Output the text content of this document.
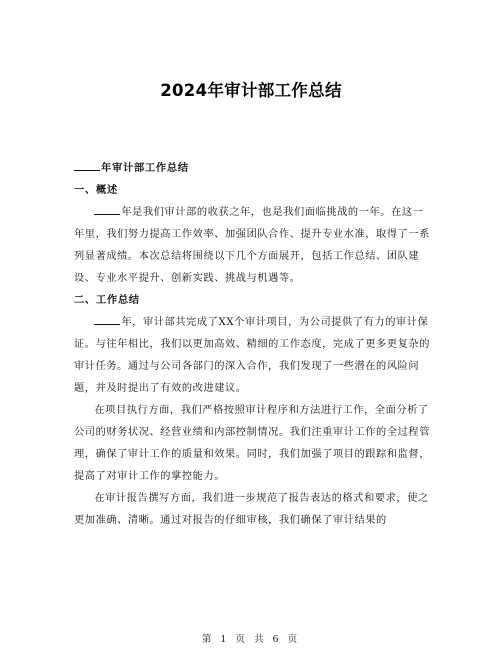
2024年审计部工作总结

年审计部工作总结

一、概述

年是我们审计部的收获之年，也是我们面临挑战的一年。在这一年里，我们努力提高工作效率、加强团队合作、提升专业水准，取得了一系列显著成绩。本次总结将围绕以下几个方面展开，包括工作总结、团队建设、专业水平提升、创新实践、挑战与机遇等。

二、工作总结

年，审计部共完成了XX个审计项目，为公司提供了有力的审计保证。与往年相比，我们以更加高效、精细的工作态度，完成了更多更复杂的审计任务。通过与公司各部门的深入合作，我们发现了一些潜在的风险问题，并及时提出了有效的改进建议。

在项目执行方面，我们严格按照审计程序和方法进行工作，全面分析了公司的财务状况、经营业绩和内部控制情况。我们注重审计工作的全过程管理，确保了审计工作的质量和效果。同时，我们加强了项目的跟踪和监督，提高了对审计工作的掌控能力。

在审计报告撰写方面，我们进一步规范了报告表达的格式和要求，使之更加准确、清晰。通过对报告的仔细审核，我们确保了审计结果的

第 1 页 共 6 页
